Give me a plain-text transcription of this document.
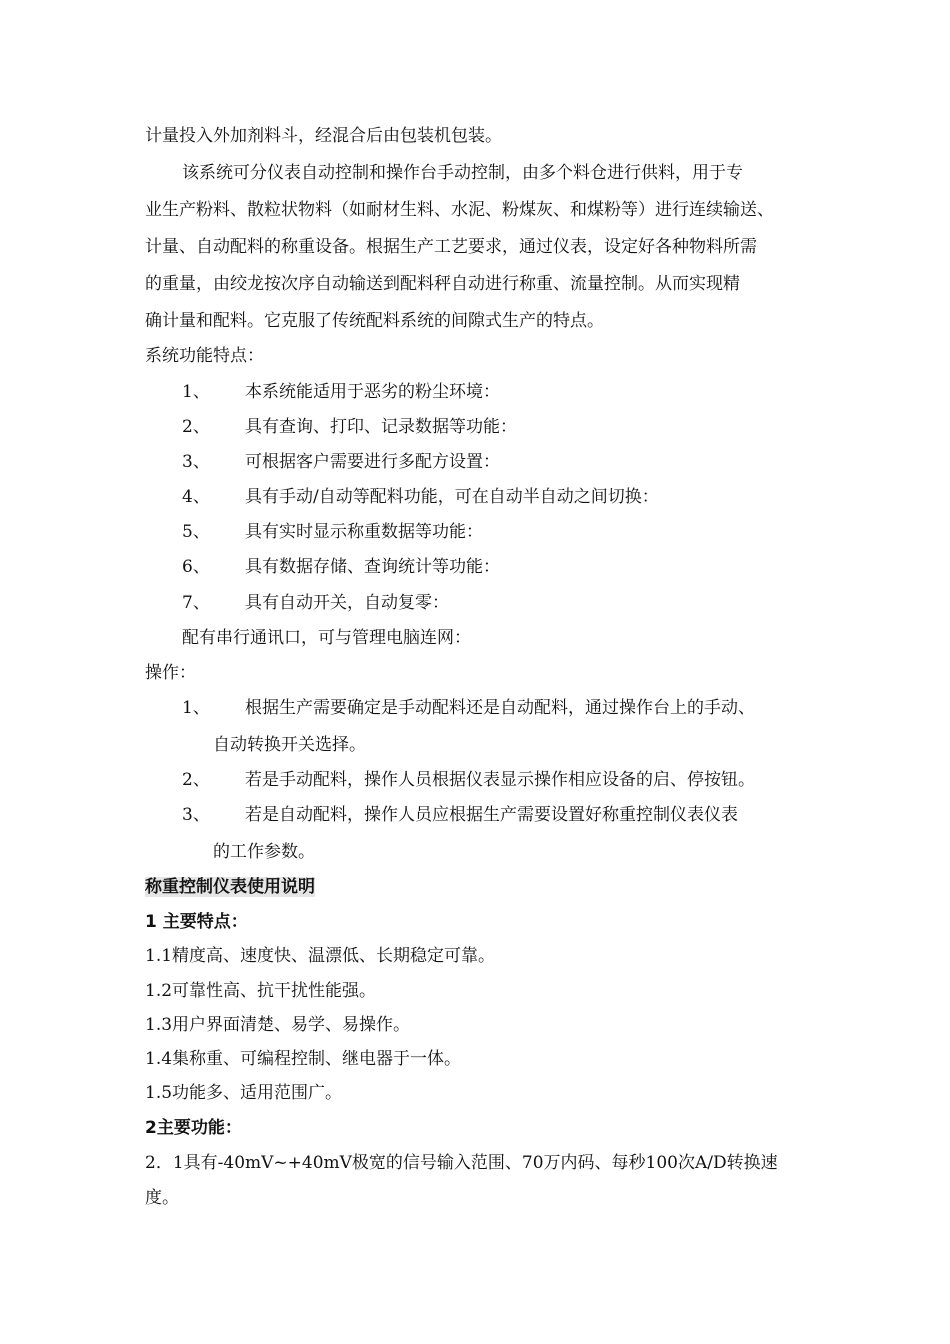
计量投入外加剂料斗，经混合后由包装机包装。
该系统可分仪表自动控制和操作台手动控制，由多个料仓进行供料，用于专
业生产粉料、散粒状物料（如耐材生料、水泥、粉煤灰、和煤粉等）进行连续输送、
计量、自动配料的称重设备。根据生产工艺要求，通过仪表，设定好各种物料所需
的重量，由绞龙按次序自动输送到配料秤自动进行称重、流量控制。从而实现精
确计量和配料。它克服了传统配料系统的间隙式生产的特点。
系统功能特点：
1、 本系统能适用于恶劣的粉尘环境：
2、 具有查询、打印、记录数据等功能：
3、 可根据客户需要进行多配方设置：
4、 具有手动/自动等配料功能，可在自动半自动之间切换：
5、 具有实时显示称重数据等功能：
6、 具有数据存储、查询统计等功能：
7、 具有自动开关，自动复零：
配有串行通讯口，可与管理电脑连网：
操作：
1、 根据生产需要确定是手动配料还是自动配料，通过操作台上的手动、
自动转换开关选择。
2、 若是手动配料，操作人员根据仪表显示操作相应设备的启、停按钮。
3、 若是自动配料，操作人员应根据生产需要设置好称重控制仪表仪表
的工作参数。
称重控制仪表使用说明
1 主要特点：
1.1精度高、速度快、温漂低、长期稳定可靠。
1.2可靠性高、抗干扰性能强。
1.3用户界面清楚、易学、易操作。
1.4集称重、可编程控制、继电器于一体。
1.5功能多、适用范围广。
2主要功能：
2．1具有-40mV~+40mV极宽的信号输入范围、70万内码、每秒100次A/D转换速
度。
